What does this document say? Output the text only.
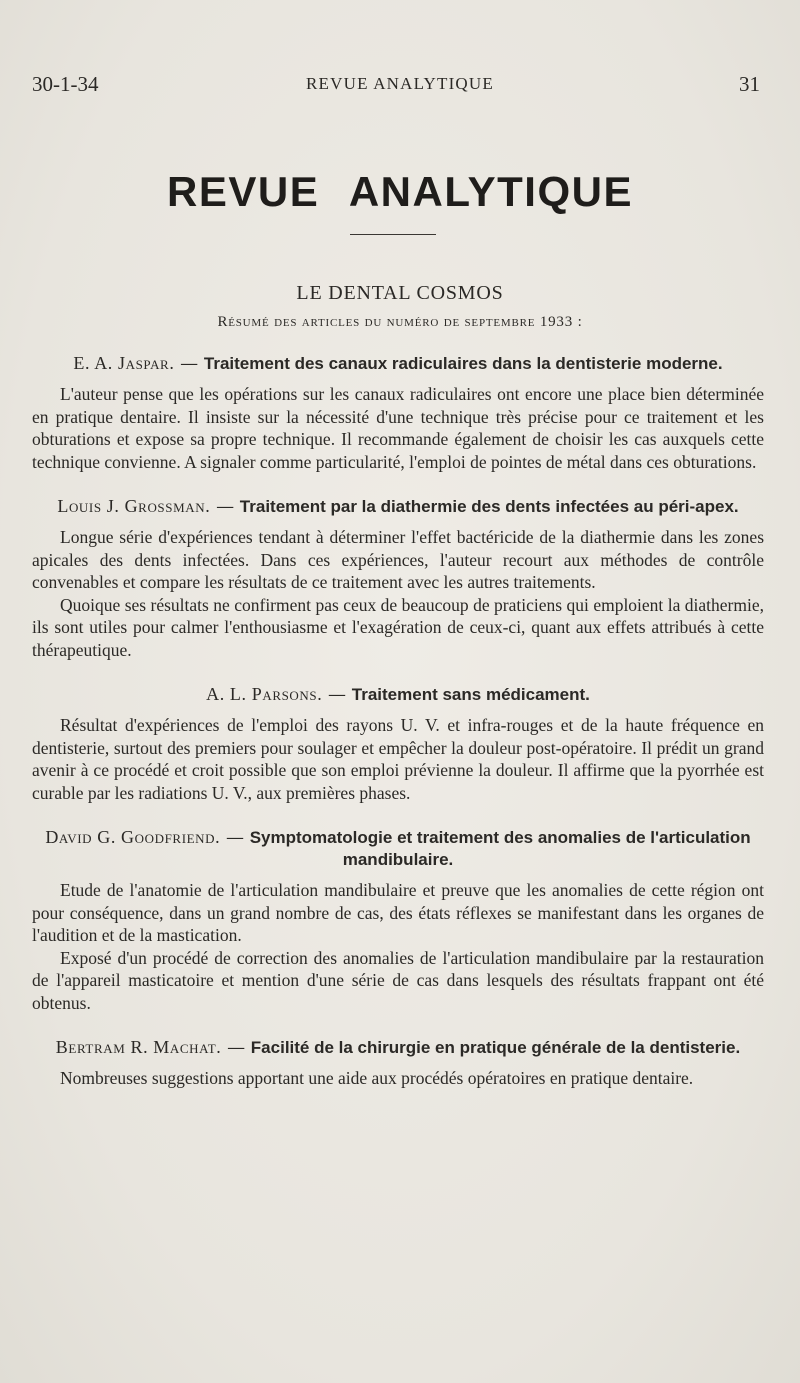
30-1-34	REVUE ANALYTIQUE	31
REVUE ANALYTIQUE
LE DENTAL COSMOS
Résumé des articles du numéro de septembre 1933 :
E. A. Jaspar. — Traitement des canaux radiculaires dans la dentisterie moderne.

L'auteur pense que les opérations sur les canaux radiculaires ont encore une place bien déterminée en pratique dentaire. Il insiste sur la nécessité d'une technique très précise pour ce traitement et les obturations et expose sa propre technique. Il recommande également de choisir les cas auxquels cette technique convienne. A signaler comme particularité, l'emploi de pointes de métal dans ces obturations.

Louis J. Grossman. — Traitement par la diathermie des dents infectées au péri-apex.

Longue série d'expériences tendant à déterminer l'effet bactéricide de la diathermie dans les zones apicales des dents infectées. Dans ces expériences, l'auteur recourt aux méthodes de contrôle convenables et compare les résultats de ce traitement avec les autres traitements.

Quoique ses résultats ne confirment pas ceux de beaucoup de praticiens qui emploient la diathermie, ils sont utiles pour calmer l'enthousiasme et l'exagération de ceux-ci, quant aux effets attribués à cette thérapeutique.

A. L. Parsons. — Traitement sans médicament.

Résultat d'expériences de l'emploi des rayons U. V. et infra-rouges et de la haute fréquence en dentisterie, surtout des premiers pour soulager et empêcher la douleur post-opératoire. Il prédit un grand avenir à ce procédé et croit possible que son emploi prévienne la douleur. Il affirme que la pyorrhée est curable par les radiations U. V., aux premières phases.

David G. Goodfriend. — Symptomatologie et traitement des anomalies de l'articulation mandibulaire.

Etude de l'anatomie de l'articulation mandibulaire et preuve que les anomalies de cette région ont pour conséquence, dans un grand nombre de cas, des états réflexes se manifestant dans les organes de l'audition et de la mastication.

Exposé d'un procédé de correction des anomalies de l'articulation mandibulaire par la restauration de l'appareil masticatoire et mention d'une série de cas dans lesquels des résultats frappant ont été obtenus.

Bertram R. Machat. — Facilité de la chirurgie en pratique générale de la dentisterie.

Nombreuses suggestions apportant une aide aux procédés opératoires en pratique dentaire.
